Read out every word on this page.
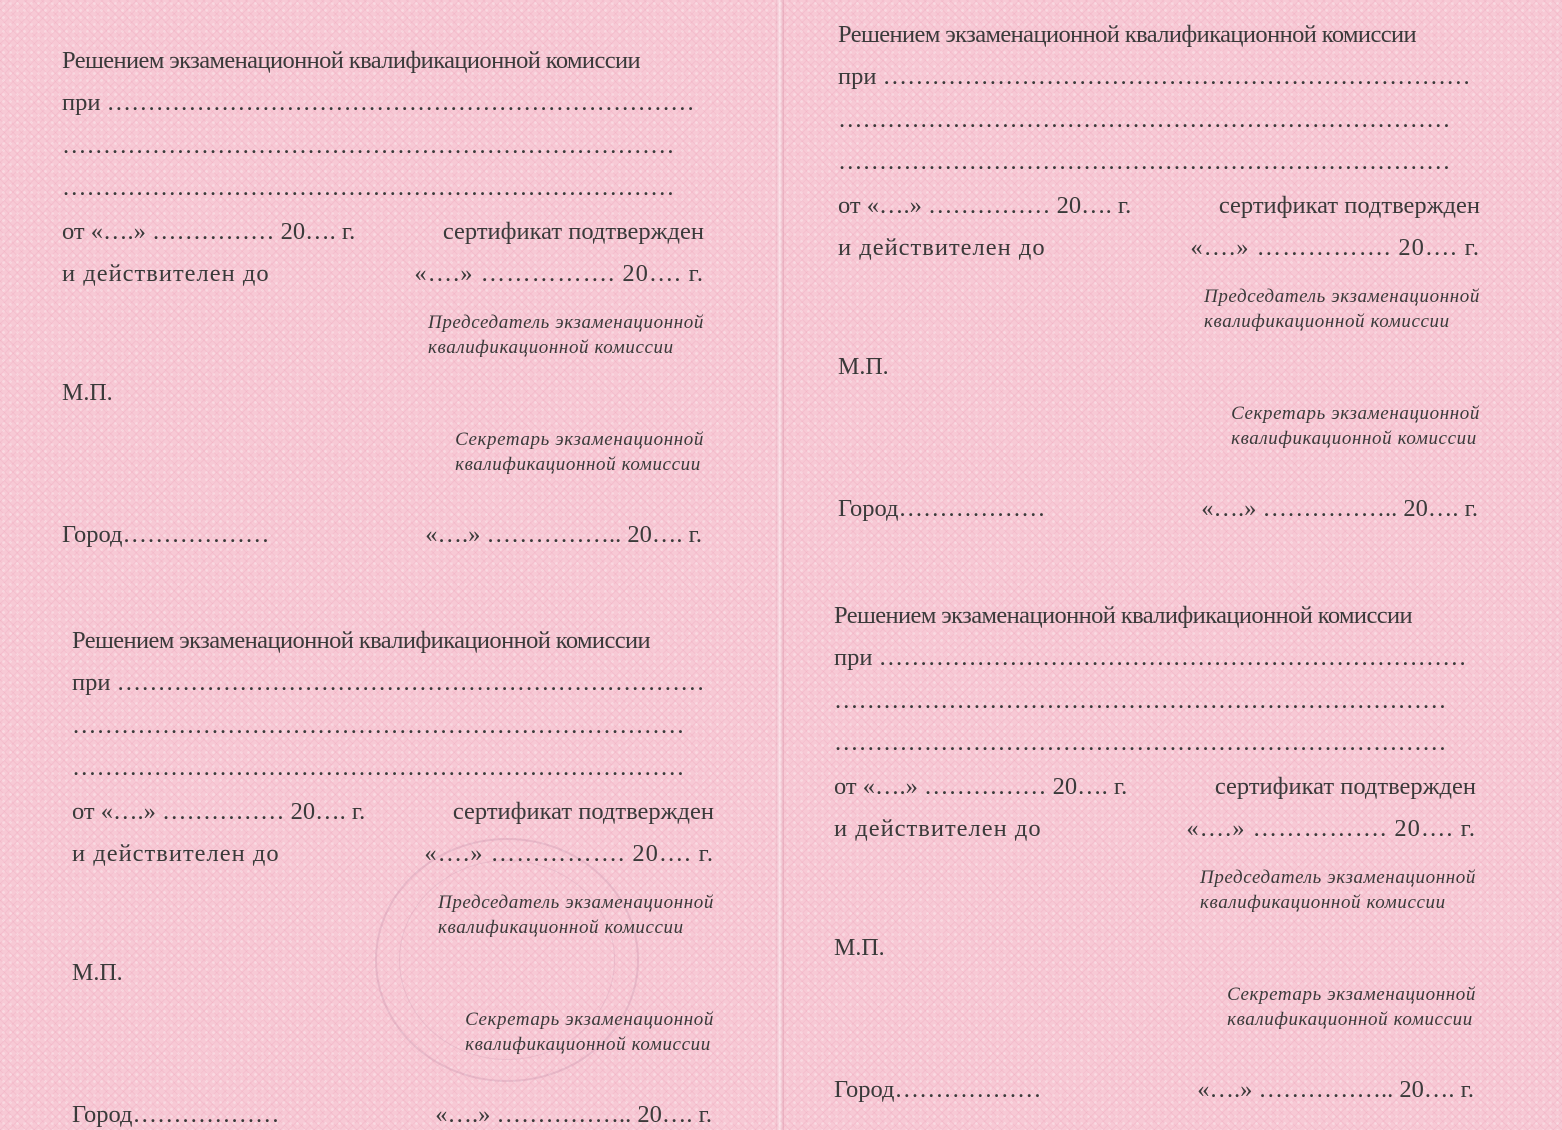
Решением экзаменационной квалификационной комиссии
при ………………………………………………………………
…………………………………………………………………
…………………………………………………………………
от «….» …………… 20…. г.	сертификат подтвержден
и действителен до	«….» ……………. 20…. г.
Председатель экзаменационной
квалификационной комиссии
М.П.
Секретарь экзаменационной
квалификационной комиссии
Город………………	«….» …………….. 20…. г.
Решением экзаменационной квалификационной комиссии
при ………………………………………………………………
…………………………………………………………………
…………………………………………………………………
от «….» …………… 20…. г.	сертификат подтвержден
и действителен до	«….» ……………. 20…. г.
Председатель экзаменационной
квалификационной комиссии
М.П.
Секретарь экзаменационной
квалификационной комиссии
Город………………	«….» …………….. 20…. г.
Решением экзаменационной квалификационной комиссии
при ………………………………………………………………
…………………………………………………………………
…………………………………………………………………
от «….» …………… 20…. г.	сертификат подтвержден
и действителен до	«….» ……………. 20…. г.
Председатель экзаменационной
квалификационной комиссии
М.П.
Секретарь экзаменационной
квалификационной комиссии
Город………………	«….» …………….. 20…. г.
Решением экзаменационной квалификационной комиссии
при ………………………………………………………………
…………………………………………………………………
…………………………………………………………………
от «….» …………… 20…. г.	сертификат подтвержден
и действителен до	«….» ……………. 20…. г.
Председатель экзаменационной
квалификационной комиссии
М.П.
Секретарь экзаменационной
квалификационной комиссии
Город………………	«….» …………….. 20…. г.
